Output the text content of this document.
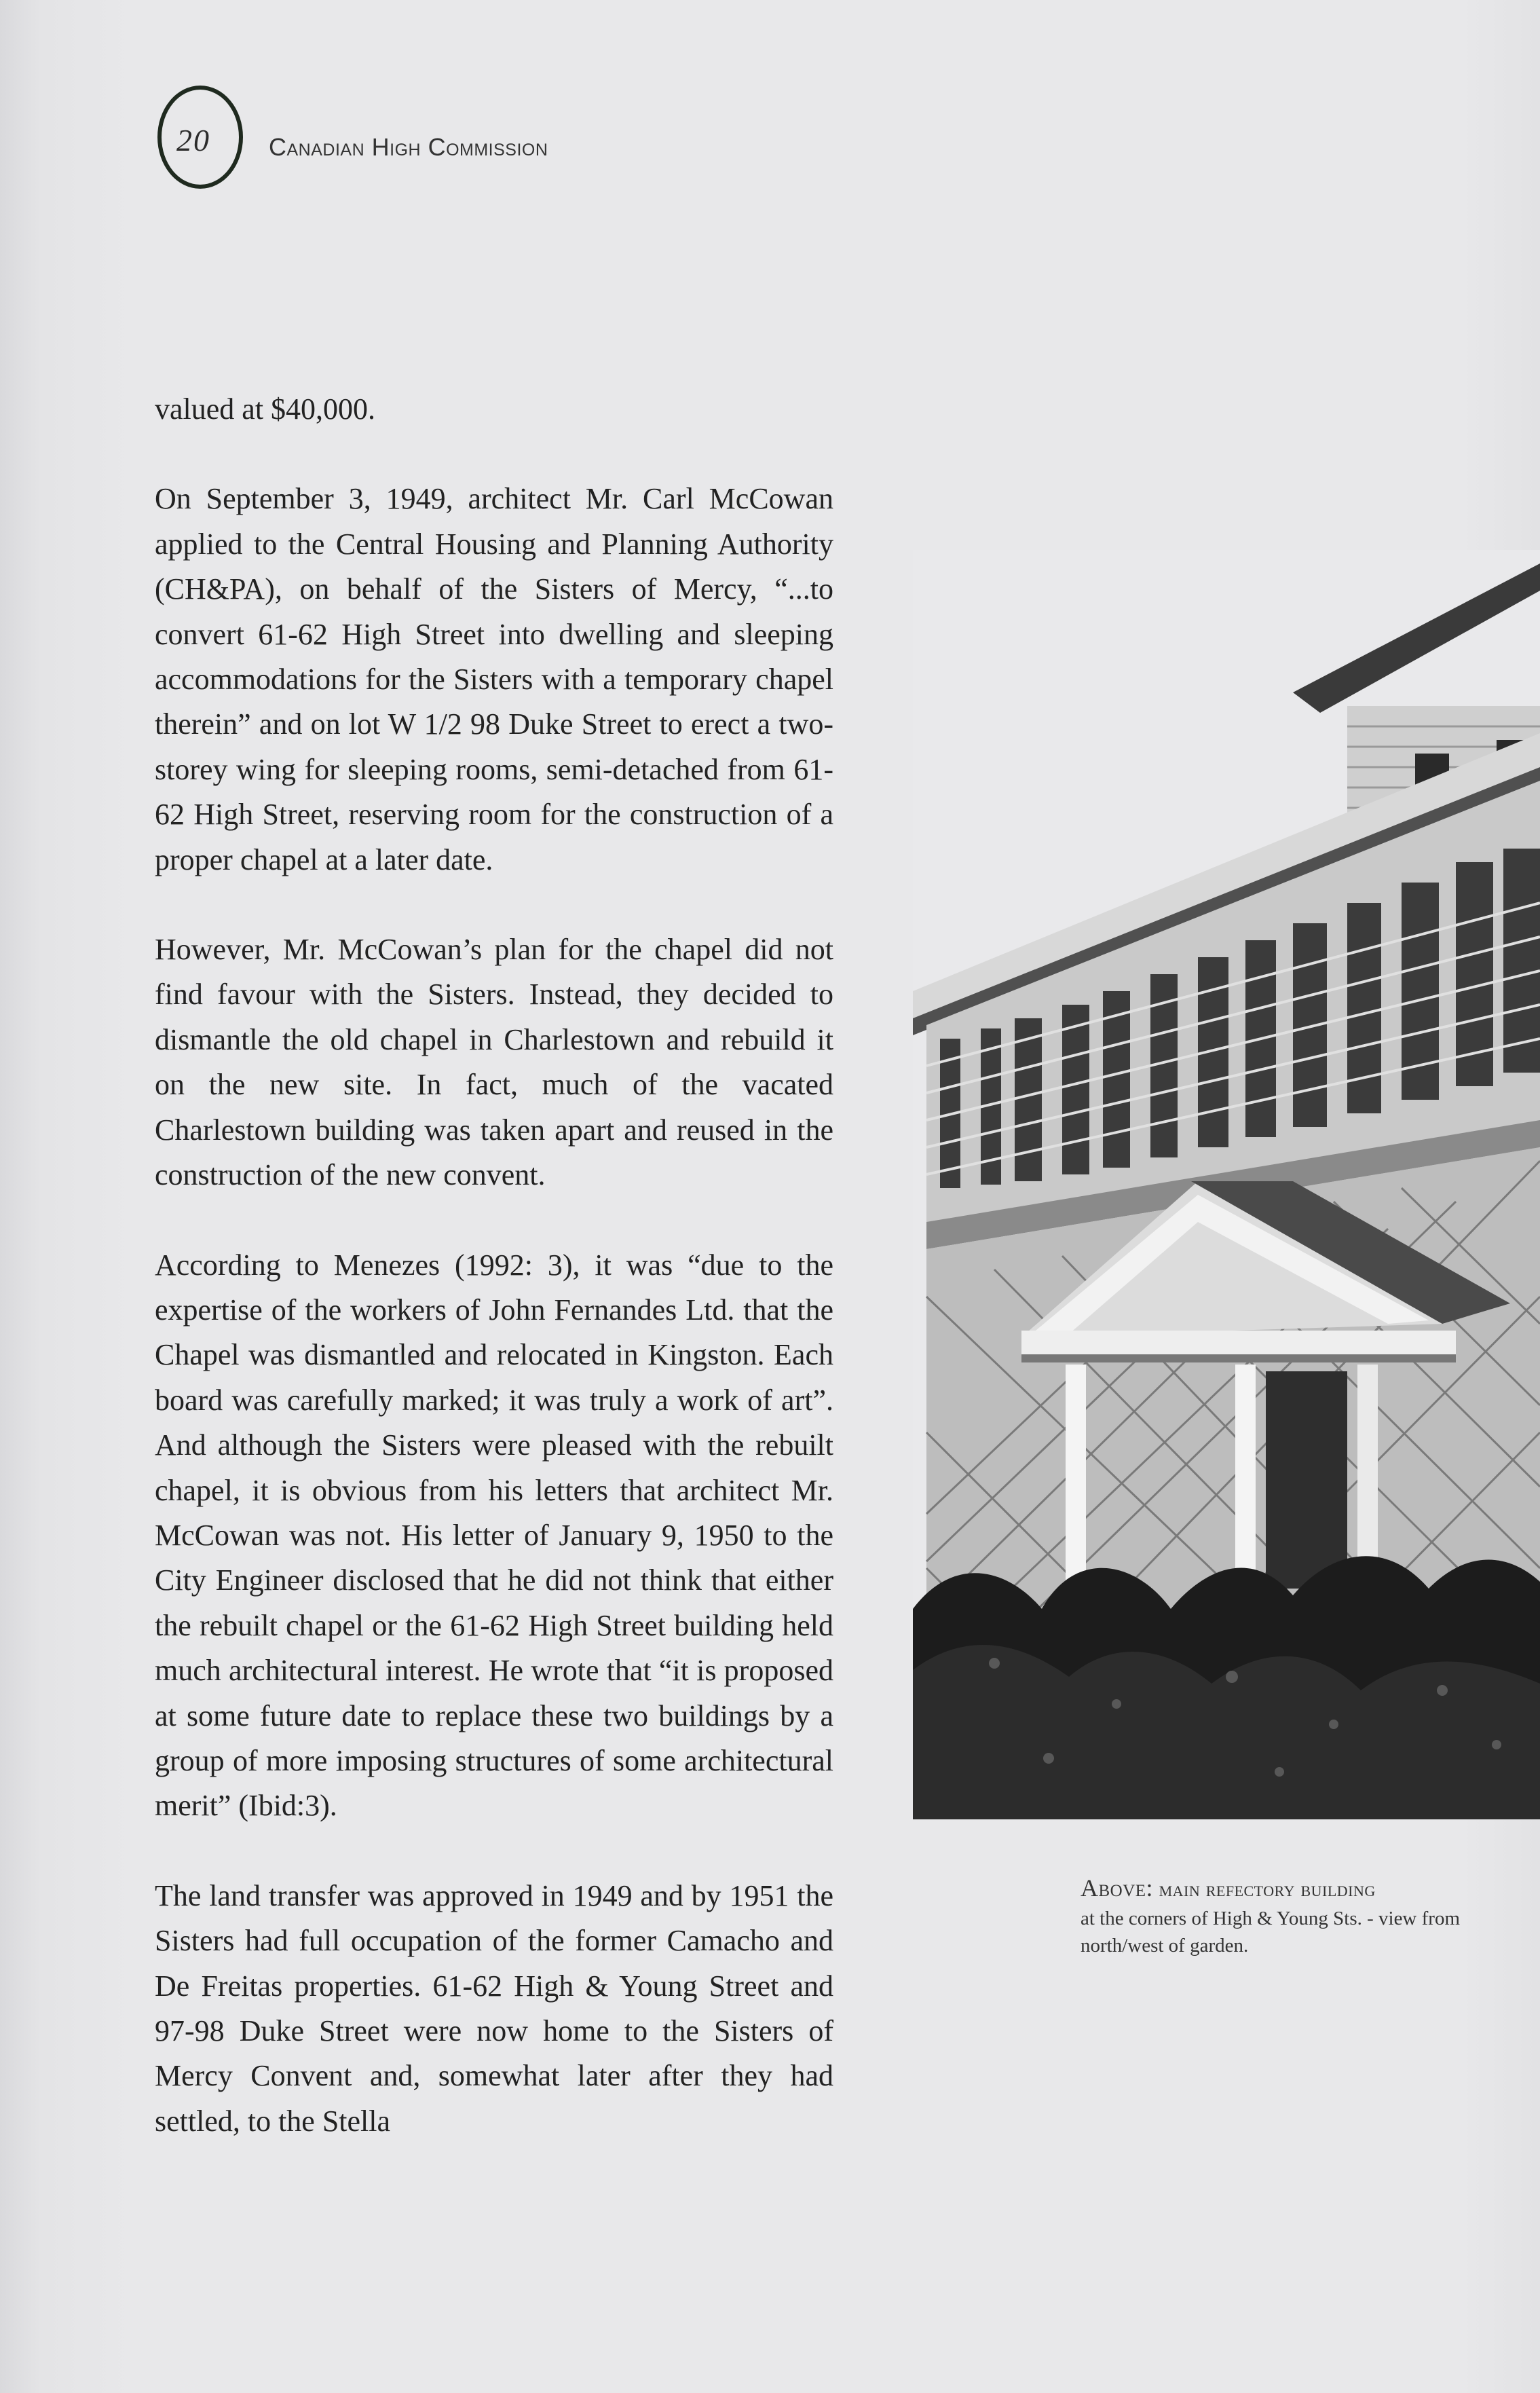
20 Canadian High Commission

valued at $40,000.

On September 3, 1949, architect Mr. Carl McCowan applied to the Central Housing and Planning Authority (CH&PA), on behalf of the Sisters of Mercy, “...to convert 61-62 High Street into dwelling and sleeping accommodations for the Sisters with a temporary chapel therein” and on lot W 1/2 98 Duke Street to erect a two-storey wing for sleeping rooms, semi-detached from 61-62 High Street, reserving room for the construction of a proper chapel at a later date.

However, Mr. McCowan’s plan for the chapel did not find favour with the Sisters. Instead, they decided to dismantle the old chapel in Charlestown and rebuild it on the new site. In fact, much of the vacated Charlestown building was taken apart and reused in the construction of the new convent.

According to Menezes (1992: 3), it was “due to the expertise of the workers of John Fernandes Ltd. that the Chapel was dismantled and relocated in Kingston. Each board was carefully marked; it was truly a work of art”. And although the Sisters were pleased with the rebuilt chapel, it is obvious from his letters that architect Mr. McCowan was not. His letter of January 9, 1950 to the City Engineer disclosed that he did not think that either the rebuilt chapel or the 61-62 High Street building held much architectural interest. He wrote that “it is proposed at some future date to replace these two buildings by a group of more imposing structures of some architectural merit” (Ibid:3).

The land transfer was approved in 1949 and by 1951 the Sisters had full occupation of the former Camacho and De Freitas properties. 61-62 High & Young Street and 97-98 Duke Street were now home to the Sisters of Mercy Convent and, somewhat later after they had settled, to the Stella

Above: main refectory building
at the corners of High & Young Sts. - view from north/west of garden.
